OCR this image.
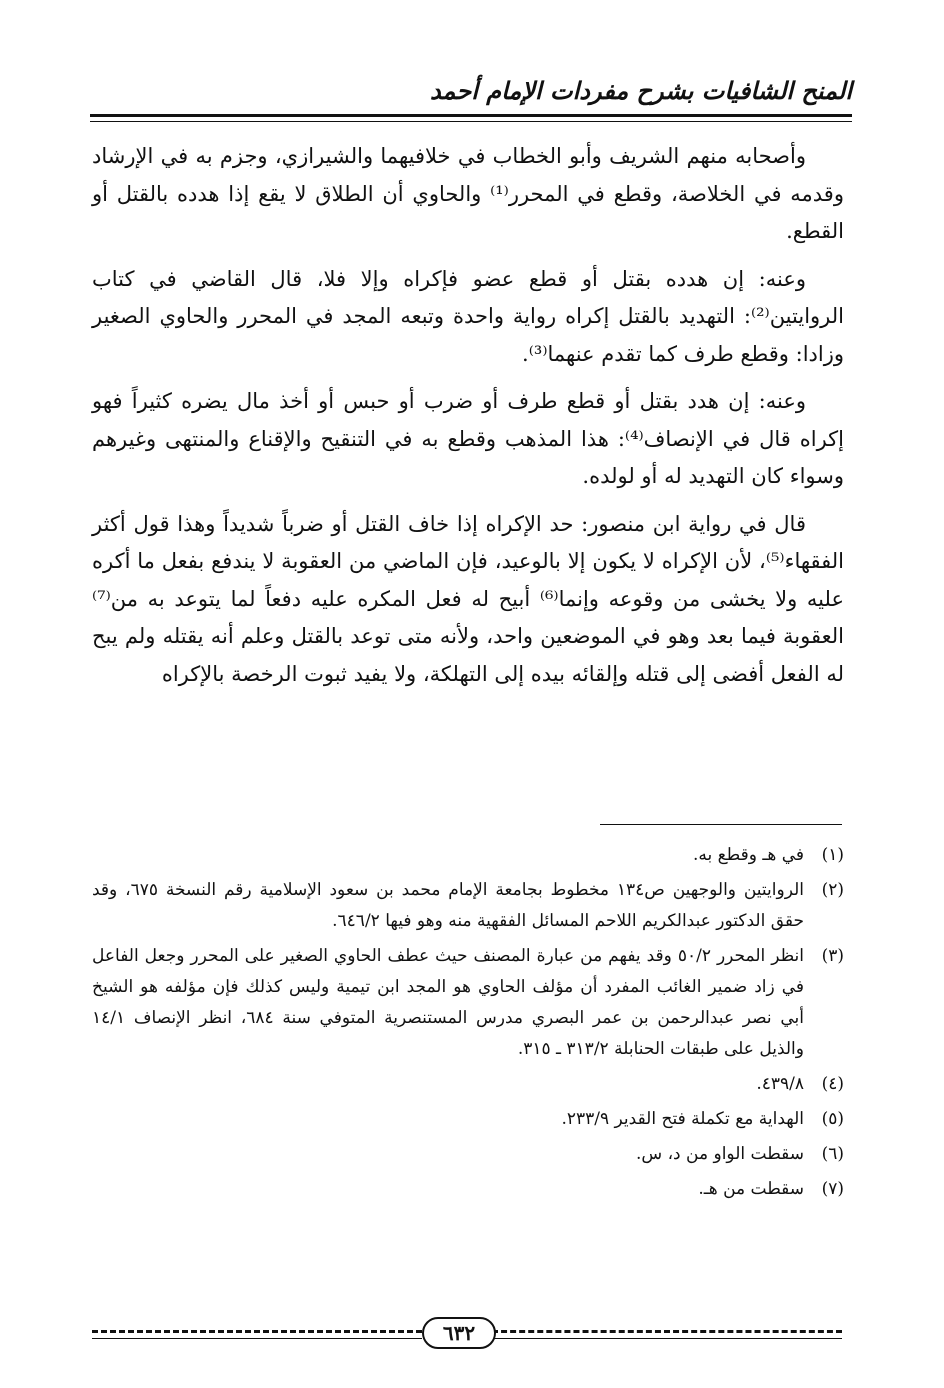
المنح الشافيات بشرح مفردات الإمام أحمد

وأصحابه منهم الشريف وأبو الخطاب في خلافيهما والشيرازي، وجزم به في الإرشاد وقدمه في الخلاصة، وقطع في المحرر⁽¹⁾ والحاوي أن الطلاق لا يقع إذا هدده بالقتل أو القطع.

وعنه: إن هدده بقتل أو قطع عضو فإكراه وإلا فلا، قال القاضي في كتاب الروايتين⁽²⁾: التهديد بالقتل إكراه رواية واحدة وتبعه المجد في المحرر والحاوي الصغير وزادا: وقطع طرف كما تقدم عنهما⁽³⁾.

وعنه: إن هدد بقتل أو قطع طرف أو ضرب أو حبس أو أخذ مال يضره كثيراً فهو إكراه قال في الإنصاف⁽⁴⁾: هذا المذهب وقطع به في التنقيح والإقناع والمنتهى وغيرهم وسواء كان التهديد له أو لولده.

قال في رواية ابن منصور: حد الإكراه إذا خاف القتل أو ضرباً شديداً وهذا قول أكثر الفقهاء⁽⁵⁾، لأن الإكراه لا يكون إلا بالوعيد، فإن الماضي من العقوبة لا يندفع بفعل ما أكره عليه ولا يخشى من وقوعه وإنما⁽⁶⁾ أبيح له فعل المكره عليه دفعاً لما يتوعد به من⁽⁷⁾ العقوبة فيما بعد وهو في الموضعين واحد، ولأنه متى توعد بالقتل وعلم أنه يقتله ولم يبح له الفعل أفضى إلى قتله وإلقائه بيده إلى التهلكة، ولا يفيد ثبوت الرخصة بالإكراه

(١)
في هـ وقطع به.
(٢)
الروايتين والوجهين ص١٣٤ مخطوط بجامعة الإمام محمد بن سعود الإسلامية رقم النسخة ٦٧٥، وقد حقق الدكتور عبدالكريم اللاحم المسائل الفقهية منه وهو فيها ٦٤٦/٢.
(٣)
انظر المحرر ٥٠/٢ وقد يفهم من عبارة المصنف حيث عطف الحاوي الصغير على المحرر وجعل الفاعل في زاد ضمير الغائب المفرد أن مؤلف الحاوي هو المجد ابن تيمية وليس كذلك فإن مؤلفه هو الشيخ أبي نصر عبدالرحمن بن عمر البصري مدرس المستنصرية المتوفي سنة ٦٨٤، انظر الإنصاف ١٤/١ والذيل على طبقات الحنابلة ٣١٣/٢ ـ ٣١٥.
(٤)
٤٣٩/٨.
(٥)
الهداية مع تكملة فتح القدير ٢٣٣/٩.
(٦)
سقطت الواو من د، س.
(٧)
سقطت من هـ.
٦٣٢
